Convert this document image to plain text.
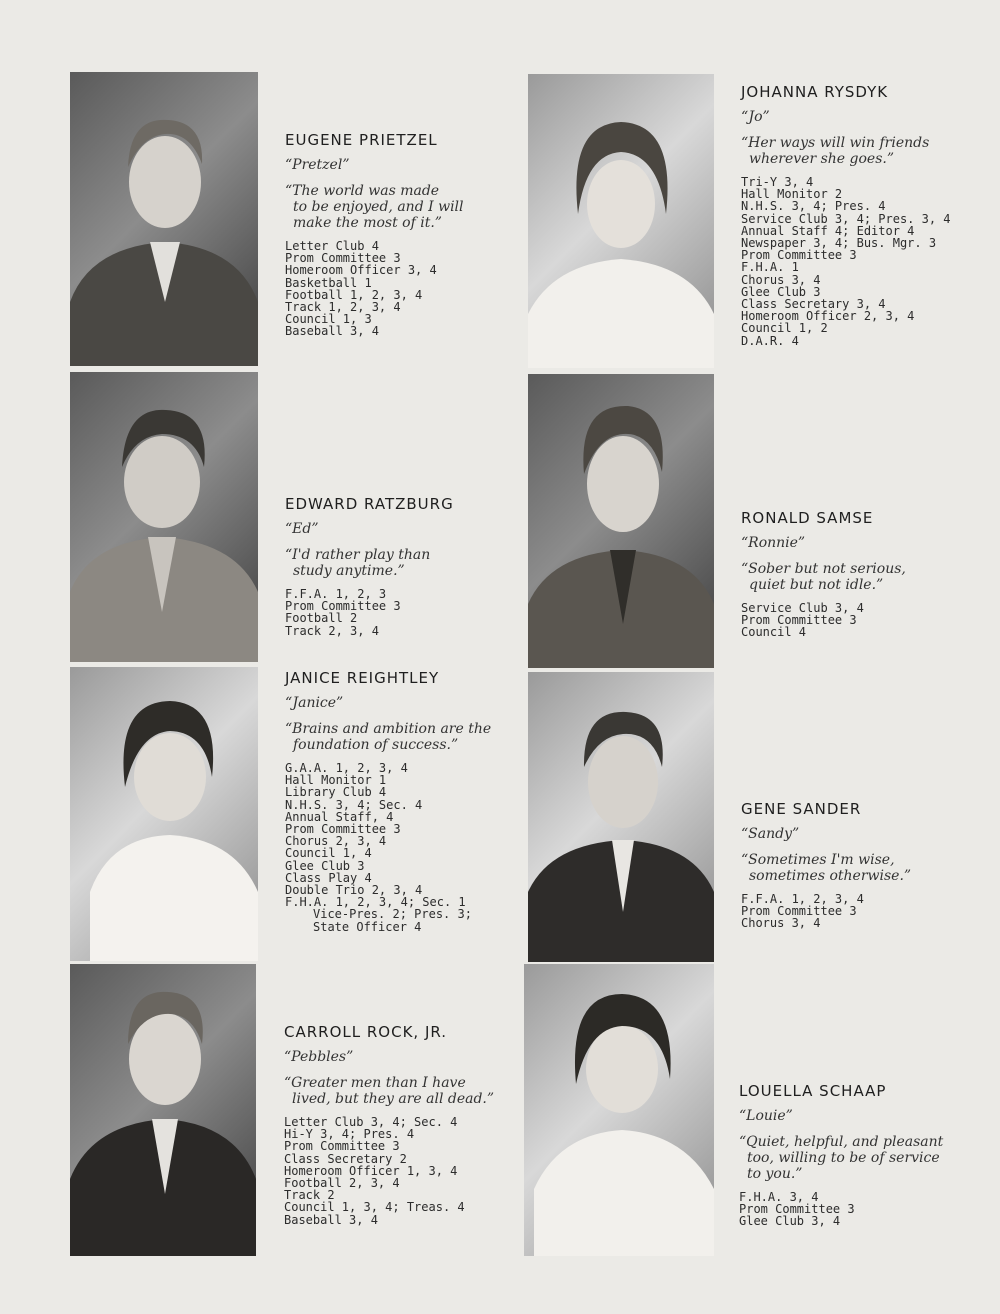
EUGENE PRIETZEL
“Pretzel”
“The world was made
to be enjoyed, and I will
make the most of it.”
Letter Club 4
Prom Committee 3
Homeroom Officer 3, 4
Basketball 1
Football 1, 2, 3, 4
Track 1, 2, 3, 4
Council 1, 3
Baseball 3, 4
JOHANNA RYSDYK
“Jo”
“Her ways will win friends
wherever she goes.”
Tri-Y 3, 4
Hall Monitor 2
N.H.S. 3, 4; Pres. 4
Service Club 3, 4; Pres. 3, 4
Annual Staff 4; Editor 4
Newspaper 3, 4; Bus. Mgr. 3
Prom Committee 3
F.H.A. 1
Chorus 3, 4
Glee Club 3
Class Secretary 3, 4
Homeroom Officer 2, 3, 4
Council 1, 2
D.A.R. 4
EDWARD RATZBURG
“Ed”
“I'd rather play than
study anytime.”
F.F.A. 1, 2, 3
Prom Committee 3
Football 2
Track 2, 3, 4
RONALD SAMSE
“Ronnie”
“Sober but not serious,
quiet but not idle.”
Service Club 3, 4
Prom Committee 3
Council 4
JANICE REIGHTLEY
“Janice”
“Brains and ambition are the
foundation of success.”
G.A.A. 1, 2, 3, 4
Hall Monitor 1
Library Club 4
N.H.S. 3, 4; Sec. 4
Annual Staff, 4
Prom Committee 3
Chorus 2, 3, 4
Council 1, 4
Glee Club 3
Class Play 4
Double Trio 2, 3, 4
F.H.A. 1, 2, 3, 4; Sec. 1
Vice-Pres. 2; Pres. 3;
State Officer 4
GENE SANDER
“Sandy”
“Sometimes I'm wise,
sometimes otherwise.”
F.F.A. 1, 2, 3, 4
Prom Committee 3
Chorus 3, 4
CARROLL ROCK, JR.
“Pebbles”
“Greater men than I have
lived, but they are all dead.”
Letter Club 3, 4; Sec. 4
Hi-Y 3, 4; Pres. 4
Prom Committee 3
Class Secretary 2
Homeroom Officer 1, 3, 4
Football 2, 3, 4
Track 2
Council 1, 3, 4; Treas. 4
Baseball 3, 4
LOUELLA SCHAAP
“Louie”
“Quiet, helpful, and pleasant
too, willing to be of service
to you.”
F.H.A. 3, 4
Prom Committee 3
Glee Club 3, 4
